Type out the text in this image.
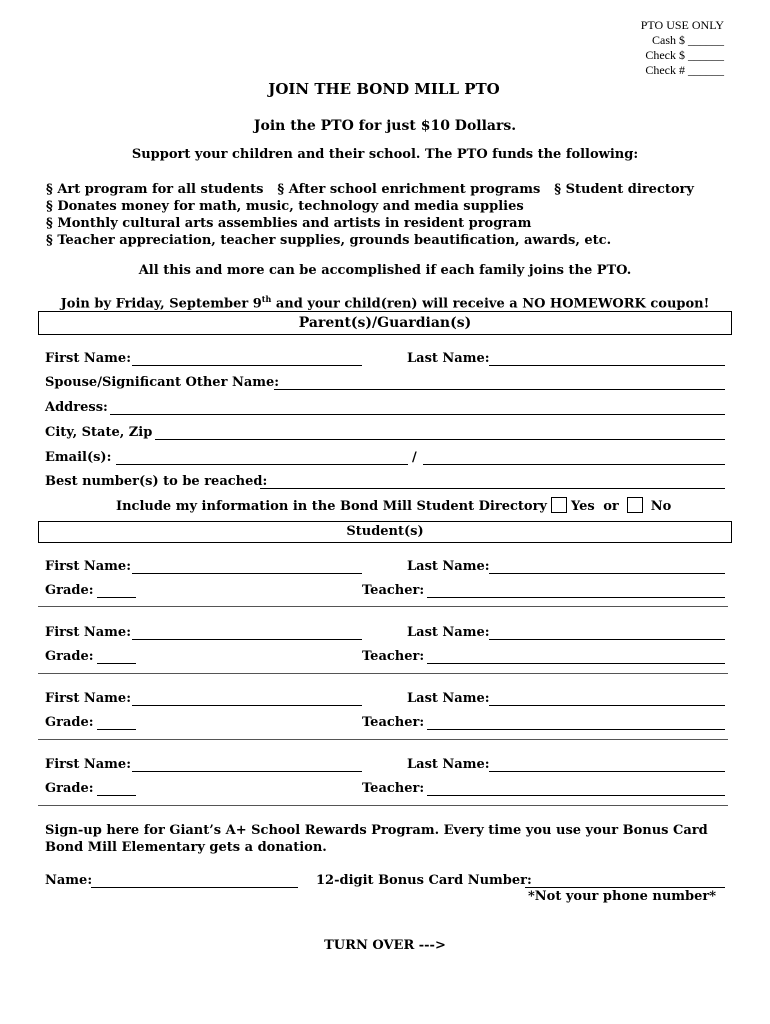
PTO USE ONLY
Cash $ ______
Check $ ______
Check # ______
JOIN THE BOND MILL PTO
Join the PTO for just $10 Dollars.
Support your children and their school. The PTO funds the following:
§ Art program for all students § After school enrichment programs § Student directory
§ Donates money for math, music, technology and media supplies
§ Monthly cultural arts assemblies and artists in resident program
§ Teacher appreciation, teacher supplies, grounds beautification, awards, etc.
All this and more can be accomplished if each family joins the PTO.
Join by Friday, September 9th and your child(ren) will receive a NO HOMEWORK coupon!
Parent(s)/Guardian(s)
First Name:	Last Name:
Spouse/Significant Other Name:
Address:
City, State, Zip
Email(s):	/
Best number(s) to be reached:
Include my information in the Bond Mill Student Directory Yes or No
Student(s)
First Name:	Last Name:
Grade:	Teacher:
First Name:	Last Name:
Grade:	Teacher:
First Name:	Last Name:
Grade:	Teacher:
First Name:	Last Name:
Grade:	Teacher:
Sign-up here for Giant’s A+ School Rewards Program. Every time you use your Bonus Card
Bond Mill Elementary gets a donation.
Name:	12-digit Bonus Card Number:
*Not your phone number*
TURN OVER --->
